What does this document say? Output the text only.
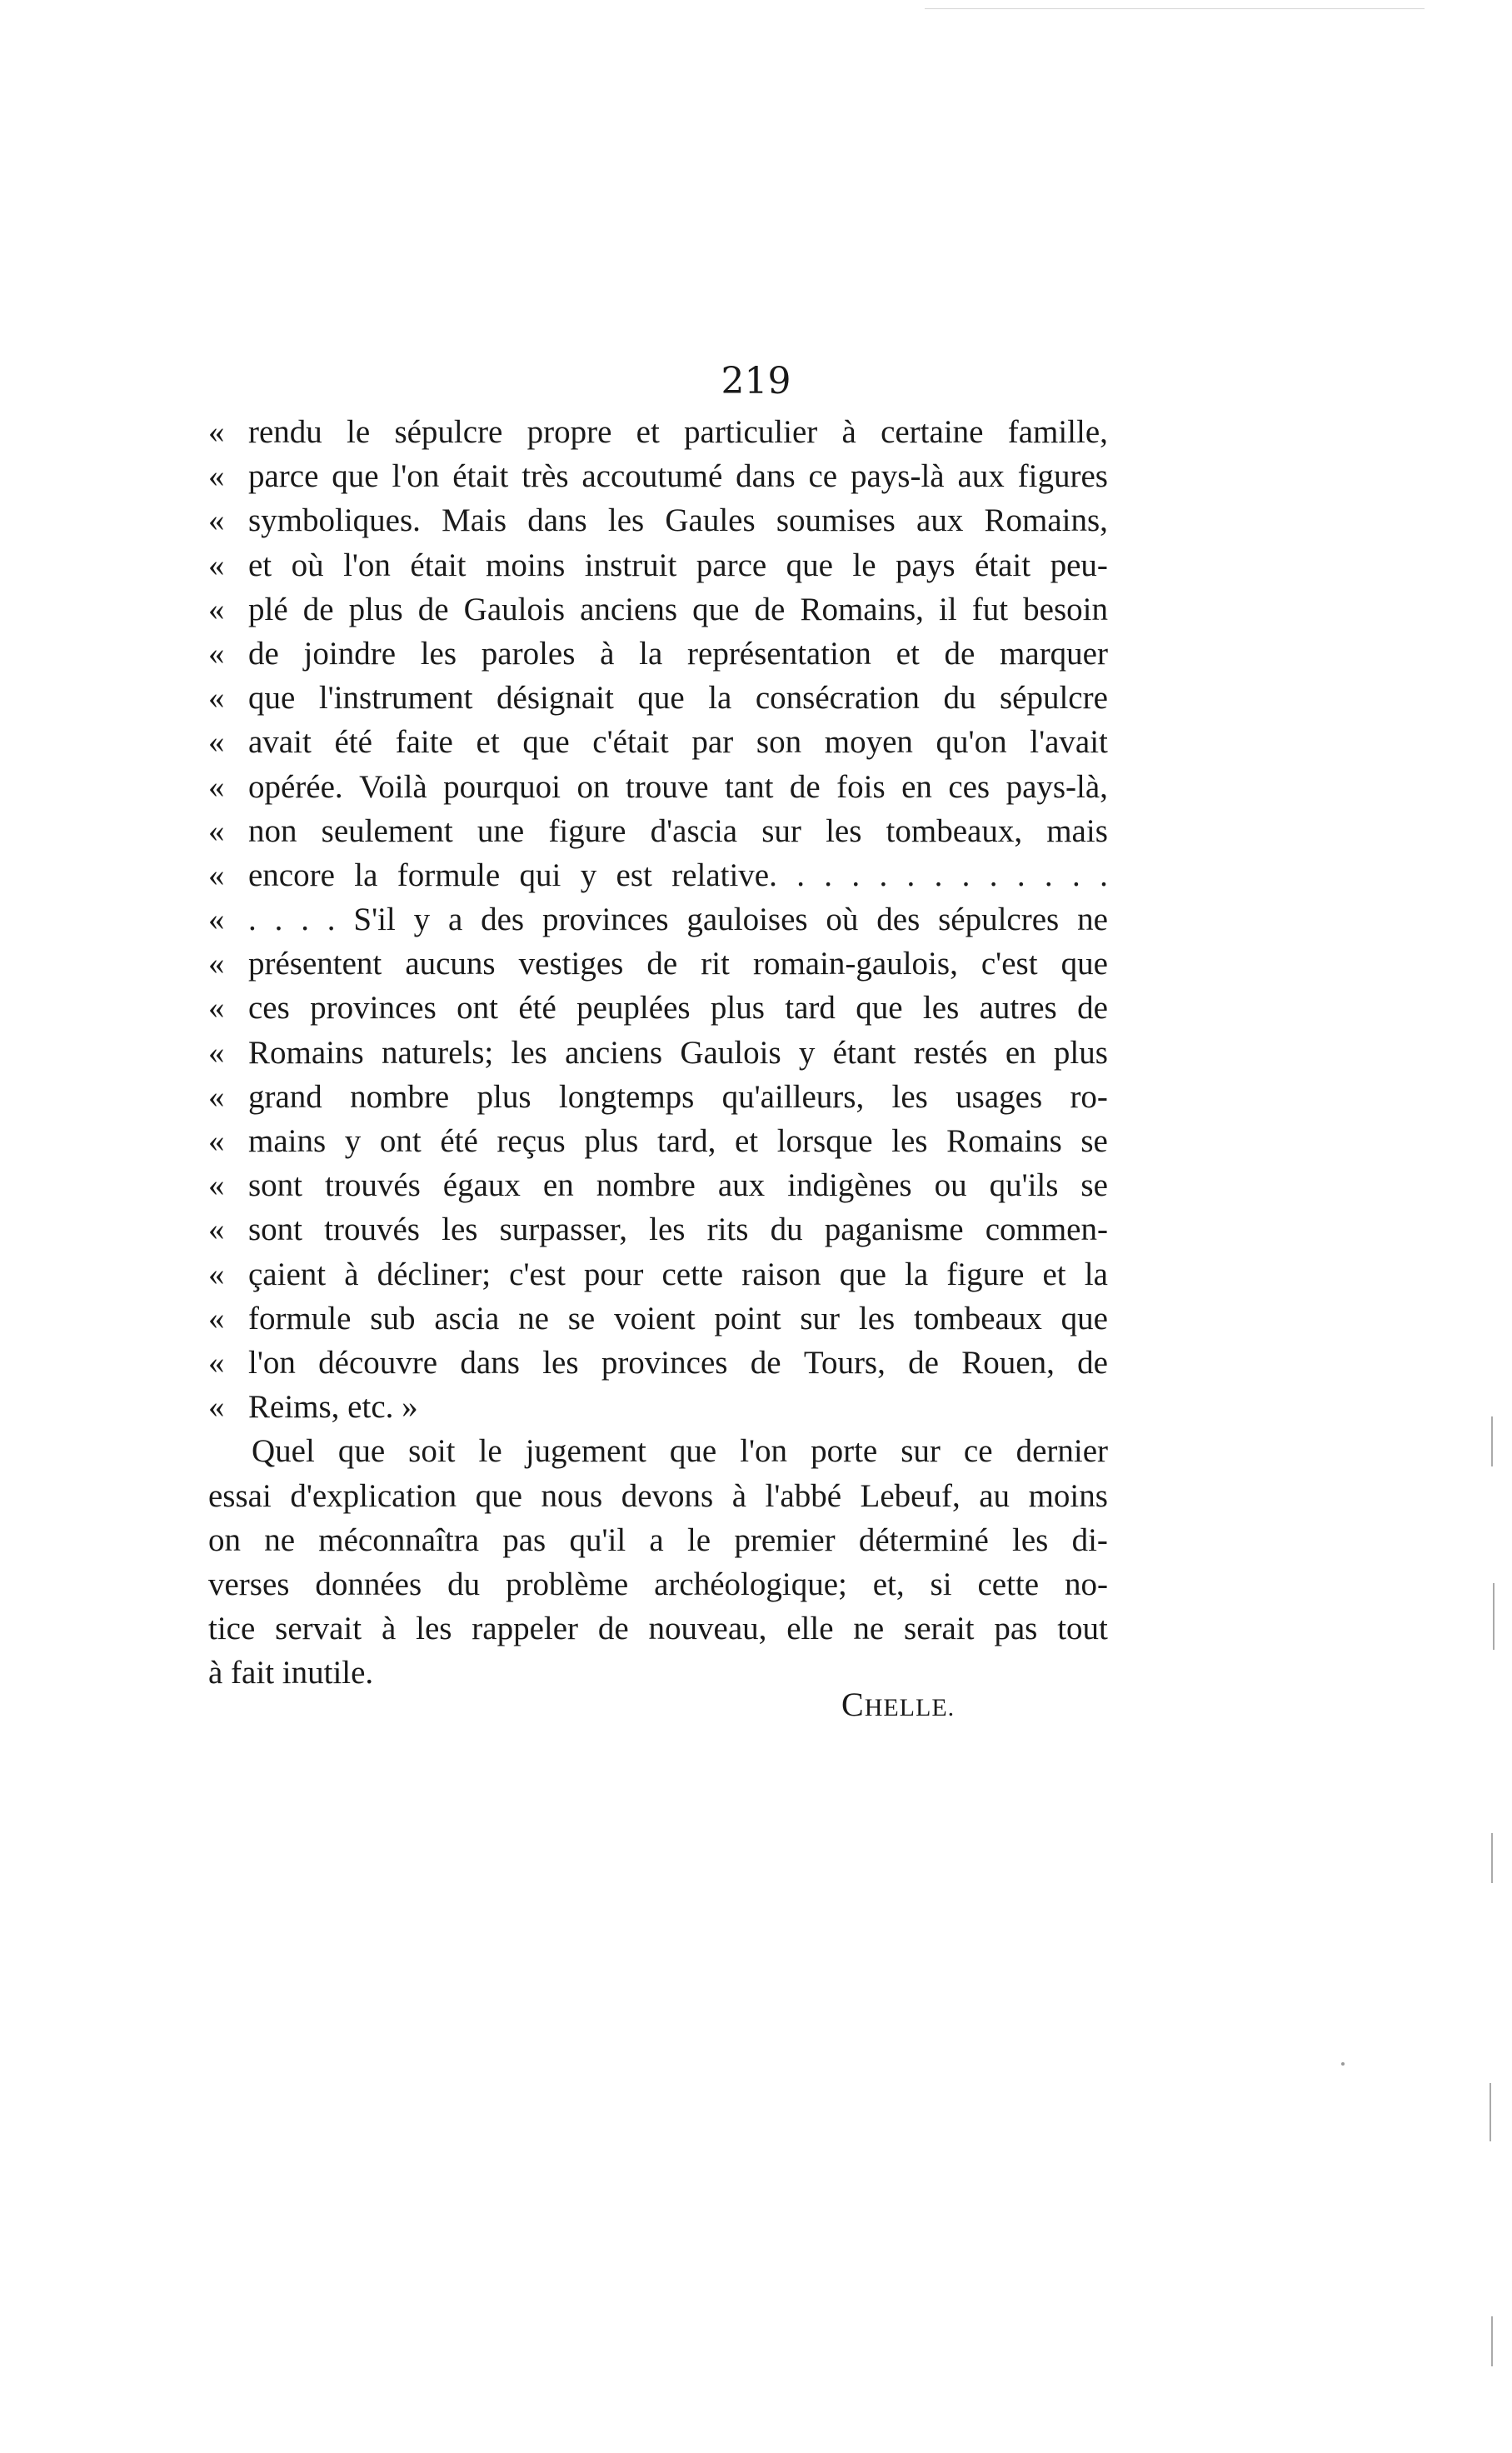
219
« rendu le sépulcre propre et particulier à certaine famille,
« parce que l'on était très accoutumé dans ce pays-là aux figures
« symboliques. Mais dans les Gaules soumises aux Romains,
« et où l'on était moins instruit parce que le pays était peu-
« plé de plus de Gaulois anciens que de Romains, il fut besoin
« de joindre les paroles à la représentation et de marquer
« que l'instrument désignait que la consécration du sépulcre
« avait été faite et que c'était par son moyen qu'on l'avait
« opérée. Voilà pourquoi on trouve tant de fois en ces pays-là,
« non seulement une figure d'ascia sur les tombeaux, mais
« encore la formule qui y est relative. . . . . . . . . . . . .
« . . . . S'il y a des provinces gauloises où des sépulcres ne
« présentent aucuns vestiges de rit romain-gaulois, c'est que
« ces provinces ont été peuplées plus tard que les autres de
« Romains naturels; les anciens Gaulois y étant restés en plus
« grand nombre plus longtemps qu'ailleurs, les usages ro-
« mains y ont été reçus plus tard, et lorsque les Romains se
« sont trouvés égaux en nombre aux indigènes ou qu'ils se
« sont trouvés les surpasser, les rits du paganisme commen-
« çaient à décliner; c'est pour cette raison que la figure et la
« formule sub ascia ne se voient point sur les tombeaux que
« l'on découvre dans les provinces de Tours, de Rouen, de
« Reims, etc. »
Quel que soit le jugement que l'on porte sur ce dernier
essai d'explication que nous devons à l'abbé Lebeuf, au moins
on ne méconnaîtra pas qu'il a le premier déterminé les di-
verses données du problème archéologique; et, si cette no-
tice servait à les rappeler de nouveau, elle ne serait pas tout
à fait inutile.
CHELLE.
